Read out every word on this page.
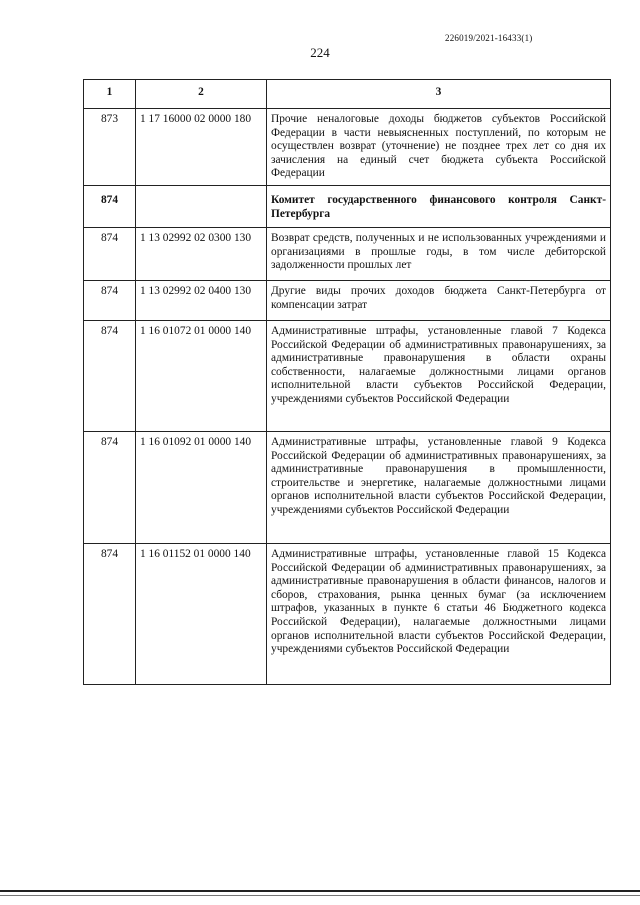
226019/2021-16433(1)
224
1	2	3
873	1 17 16000 02 0000 180	Прочие неналоговые доходы бюджетов субъектов Российской Федерации в части невыясненных поступлений, по которым не осуществлен возврат (уточнение) не позднее трех лет со дня их зачисления на единый счет бюджета субъекта Российской Федерации
874		Комитет государственного финансового контроля Санкт-Петербурга
874	1 13 02992 02 0300 130	Возврат средств, полученных и не использованных учреждениями и организациями в прошлые годы, в том числе дебиторской задолженности прошлых лет
874	1 13 02992 02 0400 130	Другие виды прочих доходов бюджета Санкт-Петербурга от компенсации затрат
874	1 16 01072 01 0000 140	Административные штрафы, установленные главой 7 Кодекса Российской Федерации об административных правонарушениях, за административные правонарушения в области охраны собственности, налагаемые должностными лицами органов исполнительной власти субъектов Российской Федерации, учреждениями субъектов Российской Федерации
874	1 16 01092 01 0000 140	Административные штрафы, установленные главой 9 Кодекса Российской Федерации об административных правонарушениях, за административные правонарушения в промышленности, строительстве и энергетике, налагаемые должностными лицами органов исполнительной власти субъектов Российской Федерации, учреждениями субъектов Российской Федерации
874	1 16 01152 01 0000 140	Административные штрафы, установленные главой 15 Кодекса Российской Федерации об административных правонарушениях, за административные правонарушения в области финансов, налогов и сборов, страхования, рынка ценных бумаг (за исключением штрафов, указанных в пункте 6 статьи 46 Бюджетного кодекса Российской Федерации), налагаемые должностными лицами органов исполнительной власти субъектов Российской Федерации, учреждениями субъектов Российской Федерации
